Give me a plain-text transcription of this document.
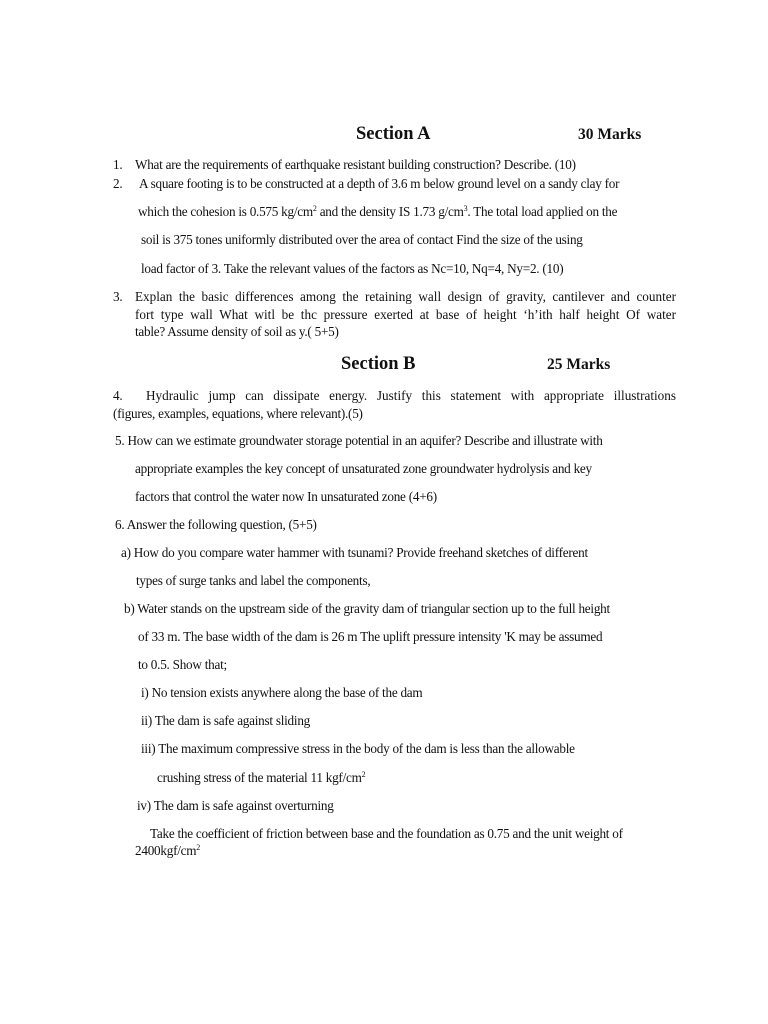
Section A	30 Marks
1. What are the requirements of earthquake resistant building construction? Describe. (10)
2. A square footing is to be constructed at a depth of 3.6 m below ground level on a sandy clay for
which the cohesion is 0.575 $kg/cm^2$ and the density IS 1.73 $g/cm^3$. The total load applied on the
soil is 375 tones uniformly distributed over the area of contact Find the size of the using
load factor of 3. Take the relevant values of the factors as Nc=10, Nq=4, Ny=2. (10)
3. Explan the basic differences among the retaining wall design of gravity, cantilever and counter
fort type wall What witl be thc pressure exerted at base of height ‘h’ith half height Of water
table? Assume density of soil as y.( 5+5)
Section B	25 Marks
4. Hydraulic jump can dissipate energy. Justify this statement with appropriate illustrations
(figures, examples, equations, where relevant).(5)
5. How can we estimate groundwater storage potential in an aquifer? Describe and illustrate with
appropriate examples the key concept of unsaturated zone groundwater hydrolysis and key
factors that control the water now In unsaturated zone (4+6)
6. Answer the following question, (5+5)
a) How do you compare water hammer with tsunami? Provide freehand sketches of different
types of surge tanks and label the components,
b) Water stands on the upstream side of the gravity dam of triangular section up to the full height
of 33 m. The base width of the dam is 26 m The uplift pressure intensity 'K may be assumed
to 0.5. Show that;
i) No tension exists anywhere along the base of the dam
ii) The dam is safe against sliding
iii) The maximum compressive stress in the body of the dam is less than the allowable
crushing stress of the material 11 kgf/$cm^2$
iv) The dam is safe against overturning
Take the coefficient of friction between base and the foundation as 0.75 and the unit weight of
$2400kgf/cm^2$
